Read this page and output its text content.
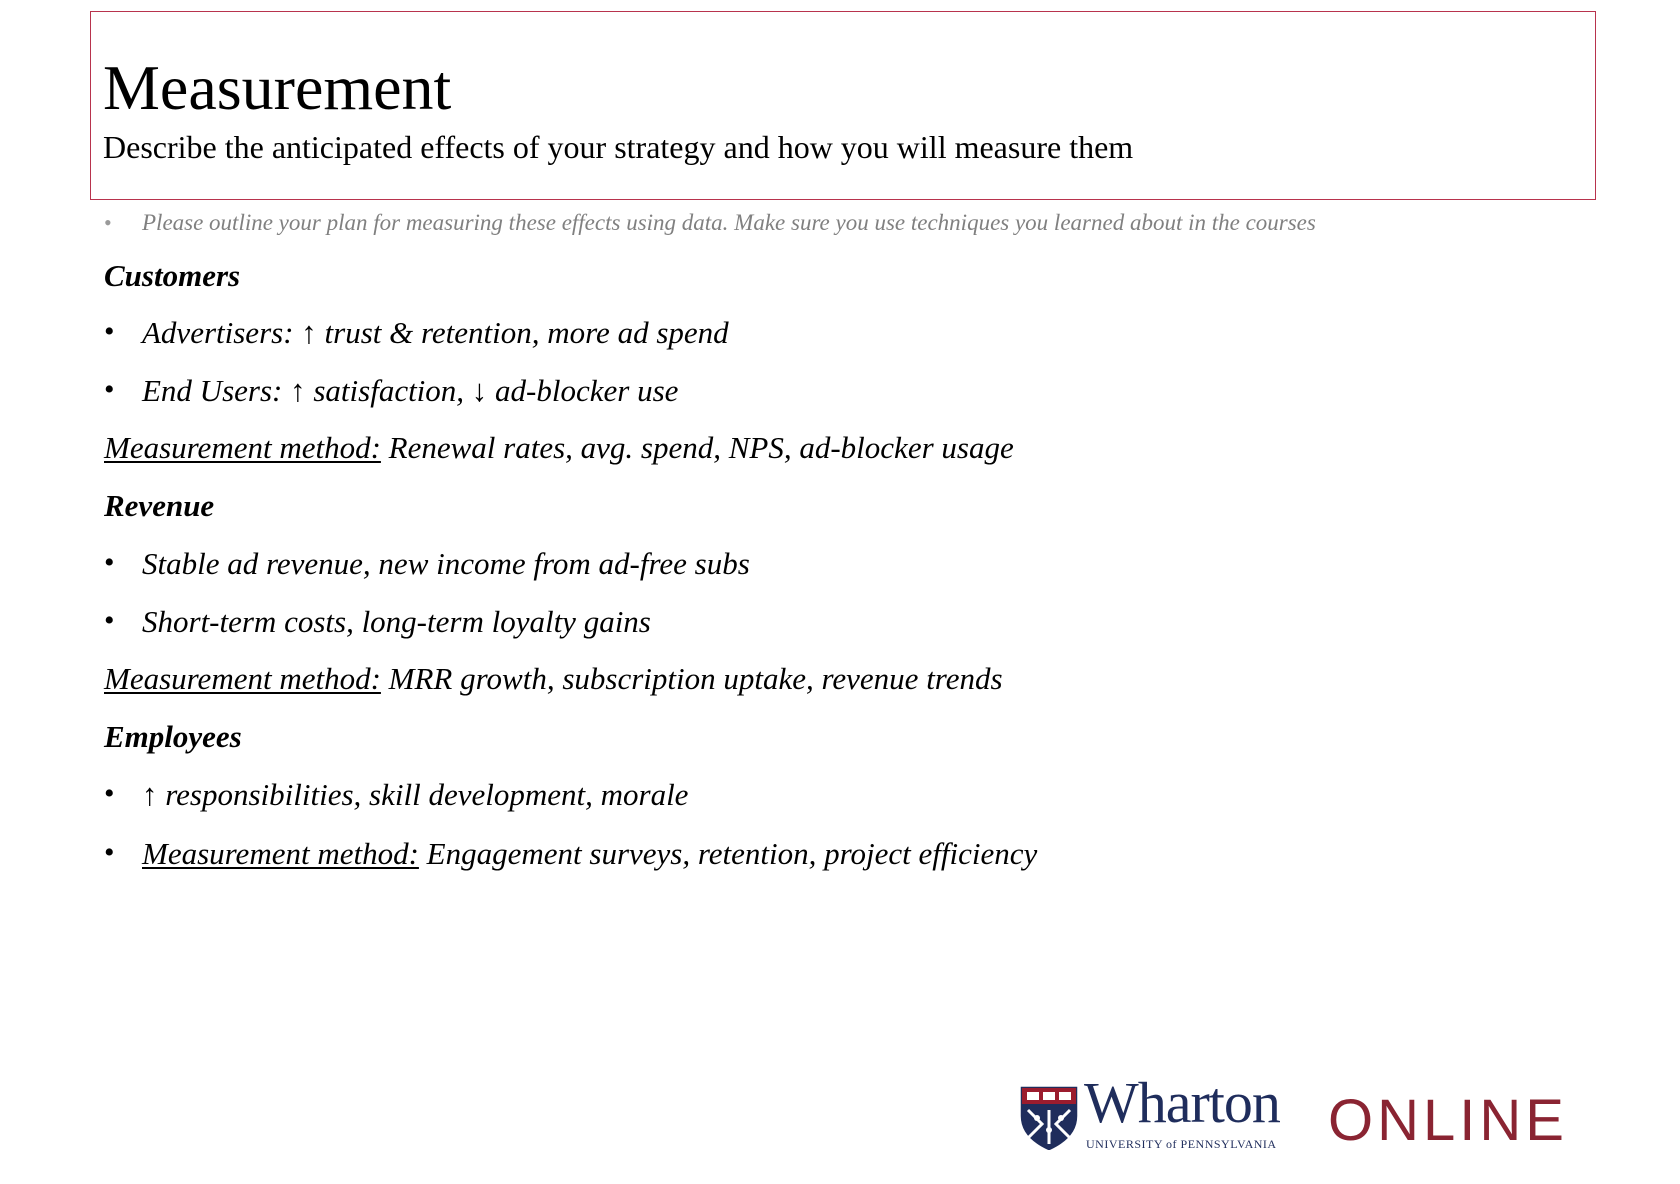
Measurement

Describe the anticipated effects of your strategy and how you will measure them

• Please outline your plan for measuring these effects using data. Make sure you use techniques you learned about in the courses
Customers
• Advertisers: ↑ trust & retention, more ad spend
• End Users: ↑ satisfaction, ↓ ad-blocker use
Measurement method: Renewal rates, avg. spend, NPS, ad-blocker usage
Revenue
• Stable ad revenue, new income from ad-free subs
• Short-term costs, long-term loyalty gains
Measurement method: MRR growth, subscription uptake, revenue trends
Employees
• ↑ responsibilities, skill development, morale
• Measurement method: Engagement surveys, retention, project efficiency
Wharton
UNIVERSITY of PENNSYLVANIA ONLINE
